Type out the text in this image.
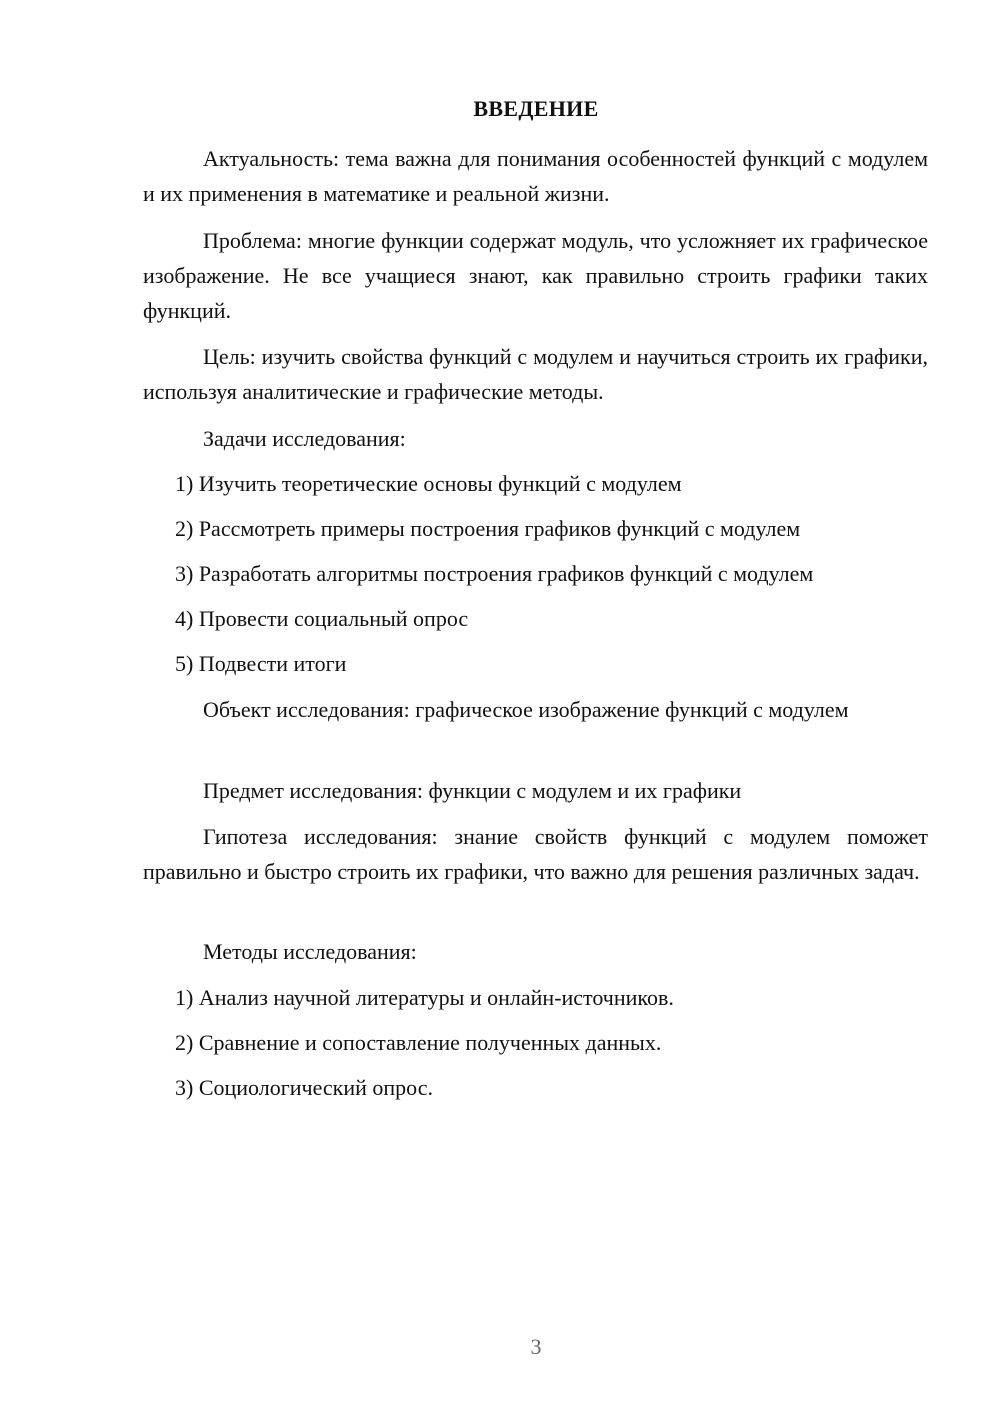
ВВЕДЕНИЕ
Актуальность: тема важна для понимания особенностей функций с модулем и их применения в математике и реальной жизни.
Проблема: многие функции содержат модуль, что усложняет их графическое изображение. Не все учащиеся знают, как правильно строить графики таких функций.
Цель: изучить свойства функций с модулем и научиться строить их графики, используя аналитические и графические методы.
Задачи исследования:
1) Изучить теоретические основы функций с модулем
2) Рассмотреть примеры построения графиков функций с модулем
3) Разработать алгоритмы построения графиков функций с модулем
4) Провести социальный опрос
5) Подвести итоги
Объект исследования: графическое изображение функций с модулем
Предмет исследования: функции с модулем и их графики
Гипотеза исследования: знание свойств функций с модулем поможет правильно и быстро строить их графики, что важно для решения различных задач.
Методы исследования:
1) Анализ научной литературы и онлайн-источников.
2) Сравнение и сопоставление полученных данных.
3) Социологический опрос.
3
